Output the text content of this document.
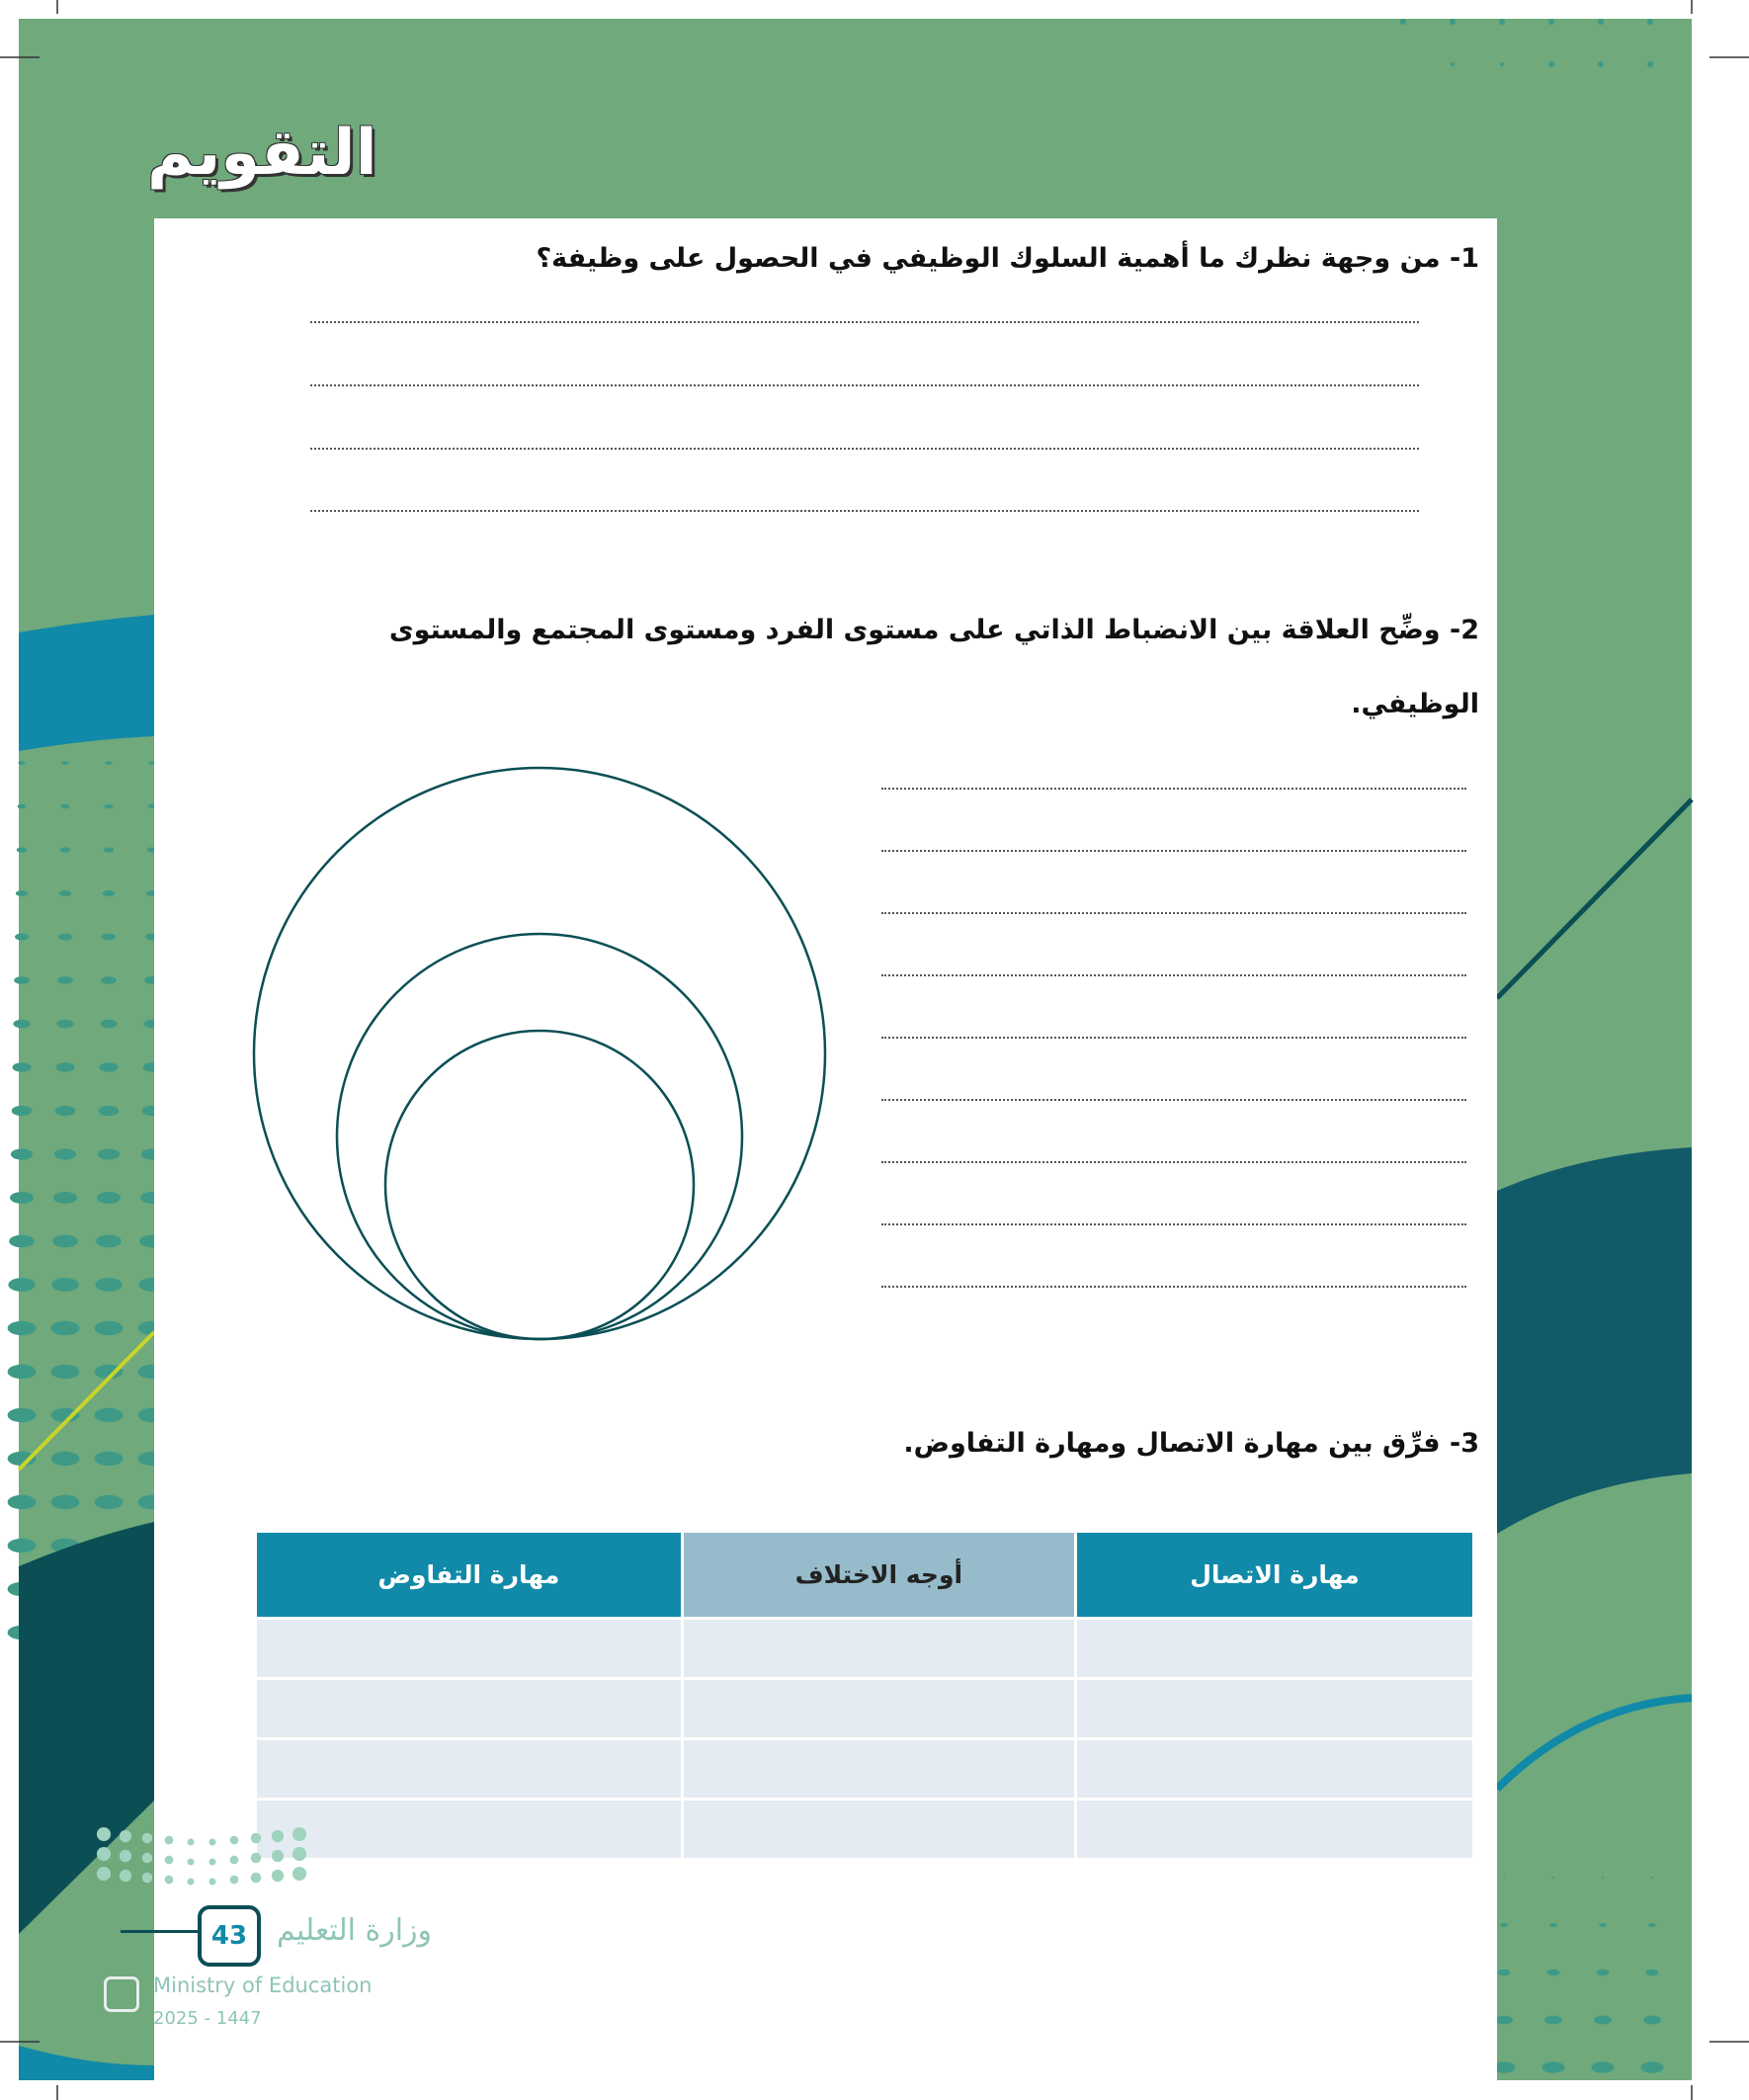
التقويم
1- من وجهة نظرك ما أهمية السلوك الوظيفي في الحصول على وظيفة؟
2- وضِّح العلاقة بين الانضباط الذاتي على مستوى الفرد ومستوى المجتمع والمستوى
الوظيفي.
3- فرِّق بين مهارة الاتصال ومهارة التفاوض.
مهارة الاتصال	أوجه الاختلاف	مهارة التفاوض

43 وزارة التعليم
Ministry of Education
2025 - 1447
